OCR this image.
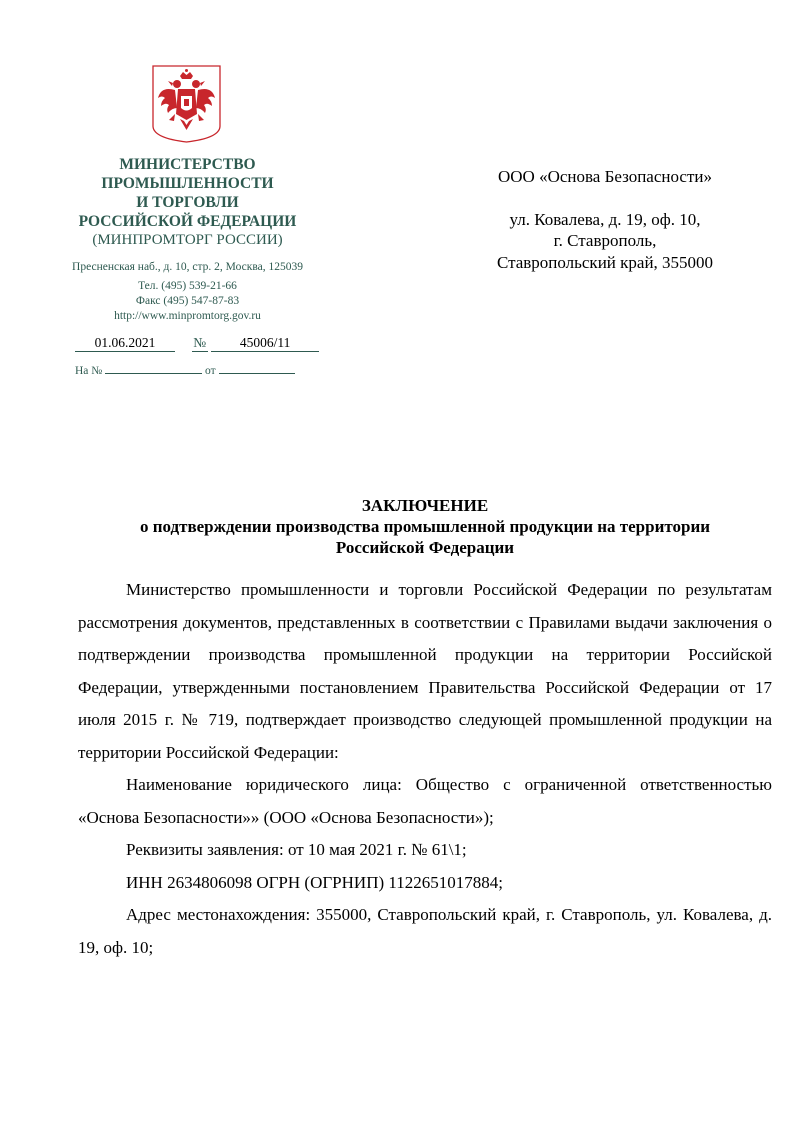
МИНИСТЕРСТВО
ПРОМЫШЛЕННОСТИ
И ТОРГОВЛИ
РОССИЙСКОЙ ФЕДЕРАЦИИ
(МИНПРОМТОРГ РОССИИ)
Пресненская наб., д. 10, стр. 2, Москва, 125039
Тел. (495) 539-21-66
Факс (495) 547-87-83
http://www.minpromtorg.gov.ru
01.06.2021	№ 45006/11
На №	от
ООО «Основа Безопасности»
ул. Ковалева, д. 19, оф. 10,
г. Ставрополь,
Ставропольский край, 355000
ЗАКЛЮЧЕНИЕ
о подтверждении производства промышленной продукции на территории
Российской Федерации

Министерство промышленности и торговли Российской Федерации по результатам рассмотрения документов, представленных в соответствии с Правилами выдачи заключения о подтверждении производства промышленной продукции на территории Российской Федерации, утвержденными постановлением Правительства Российской Федерации от 17 июля 2015 г. № 719, подтверждает производство следующей промышленной продукции на территории Российской Федерации:

Наименование юридического лица: Общество с ограниченной ответственностью «Основа Безопасности»» (ООО «Основа Безопасности»);

Реквизиты заявления: от 10 мая 2021 г. № 61\1;

ИНН 2634806098 ОГРН (ОГРНИП) 1122651017884;

Адрес местонахождения: 355000, Ставропольский край, г. Ставрополь, ул. Ковалева, д. 19, оф. 10;
